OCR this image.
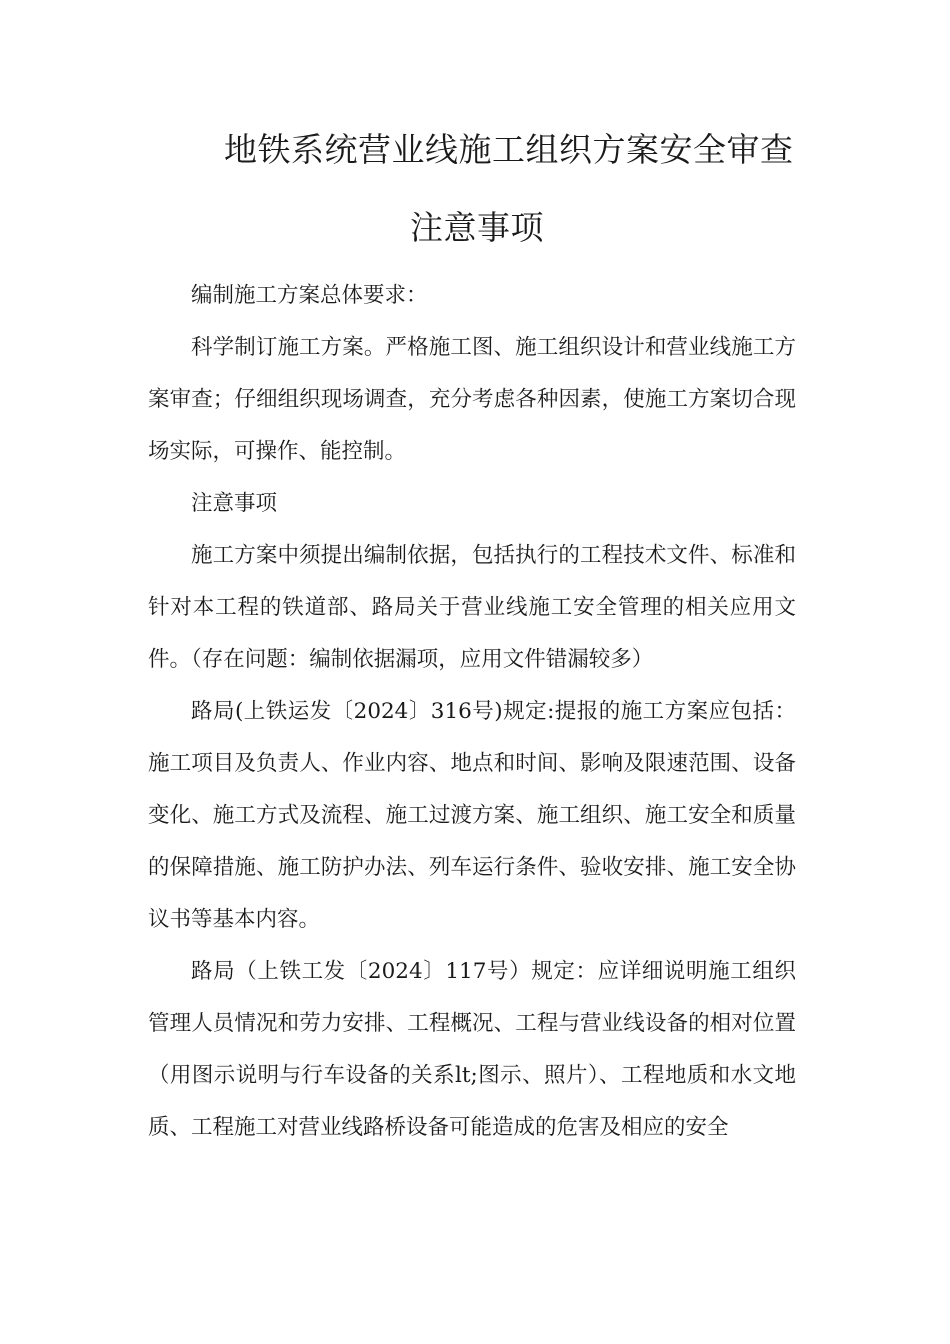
地铁系统营业线施工组织方案安全审查
注意事项

编制施工方案总体要求：

科学制订施工方案。严格施工图、施工组织设计和营业线施工方案审查；仔细组织现场调查，充分考虑各种因素，使施工方案切合现场实际，可操作、能控制。

注意事项

施工方案中须提出编制依据，包括执行的工程技术文件、标准和针对本工程的铁道部、路局关于营业线施工安全管理的相关应用文件。（存在问题：编制依据漏项，应用文件错漏较多）

路局(上铁运发〔2024〕316号)规定:提报的施工方案应包括：施工项目及负责人、作业内容、地点和时间、影响及限速范围、设备变化、施工方式及流程、施工过渡方案、施工组织、施工安全和质量的保障措施、施工防护办法、列车运行条件、验收安排、施工安全协议书等基本内容。

路局（上铁工发〔2024〕117号）规定：应详细说明施工组织管理人员情况和劳力安排、工程概况、工程与营业线设备的相对位置（用图示说明与行车设备的关系lt;图示、照片）、工程地质和水文地质、工程施工对营业线路桥设备可能造成的危害及相应的安全
